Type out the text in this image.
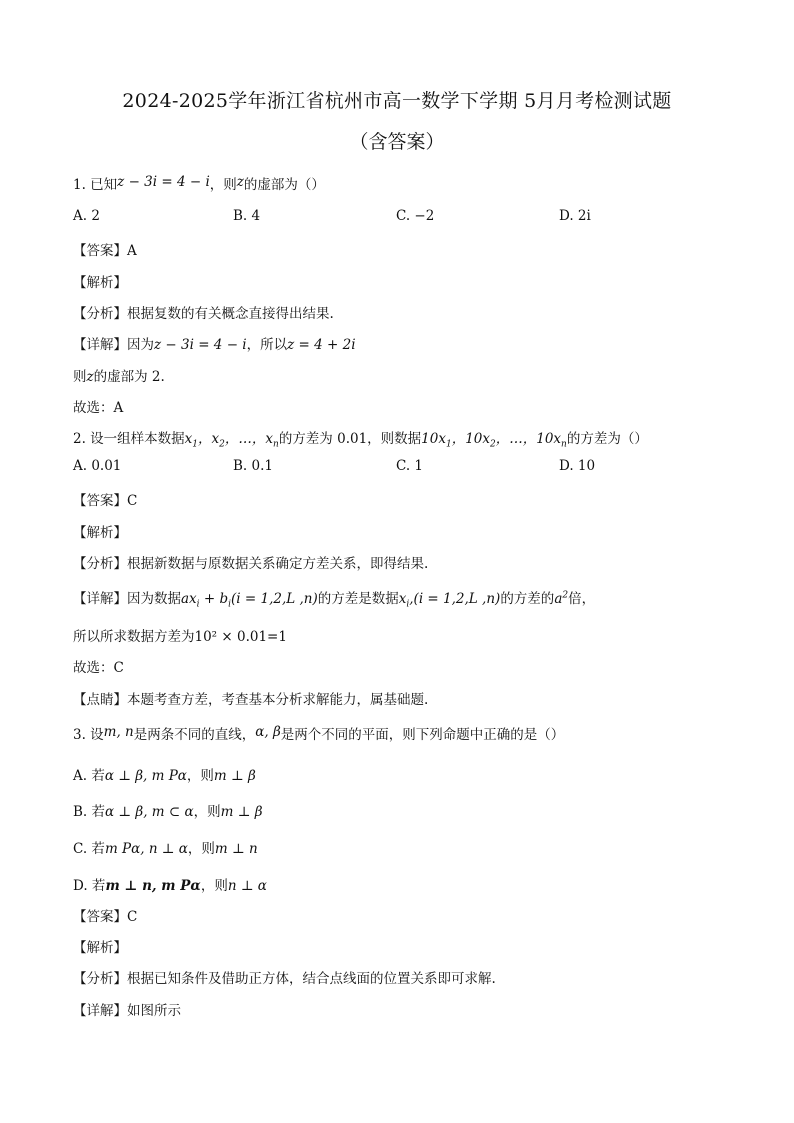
2024-2025学年浙江省杭州市高一数学下学期 5月月考检测试题
（含答案）
1. 已知z − 3i = 4 − i，则z的虚部为（）
A. 2	B. 4	C. −2	D. 2i
【答案】A
【解析】
【分析】根据复数的有关概念直接得出结果.
【详解】因为z − 3i = 4 − i，所以z = 4 + 2i
则z的虚部为 2.
故选：A
2. 设一组样本数据$x_1$，$x_2$，…，$x_n$的方差为 0.01，则数据$10x_1$，$10x_2$，…，$10x_n$的方差为（）
A. 0.01	B. 0.1	C. 1	D. 10
【答案】C
【解析】
【分析】根据新数据与原数据关系确定方差关系，即得结果.
【详解】因为数据$ax_i + b_i(i = 1,2,L$ ,n)的方差是数据$x_i,(i = 1,2,L$ ,n)的方差的$a^2$倍，
所以所求数据方差为10² × 0.01=1
故选：C
【点睛】本题考查方差，考查基本分析求解能力，属基础题.
3. 设m, n是两条不同的直线，α, β是两个不同的平面，则下列命题中正确的是（）
A. 若α ⊥ β, m Pα，则m ⊥ β
B. 若α ⊥ β, m ⊂ α，则m ⊥ β
C. 若m Pα, n ⊥ α，则m ⊥ n
D. 若m ⊥ n, m Pα，则n ⊥ α
【答案】C
【解析】
【分析】根据已知条件及借助正方体，结合点线面的位置关系即可求解.
【详解】如图所示
